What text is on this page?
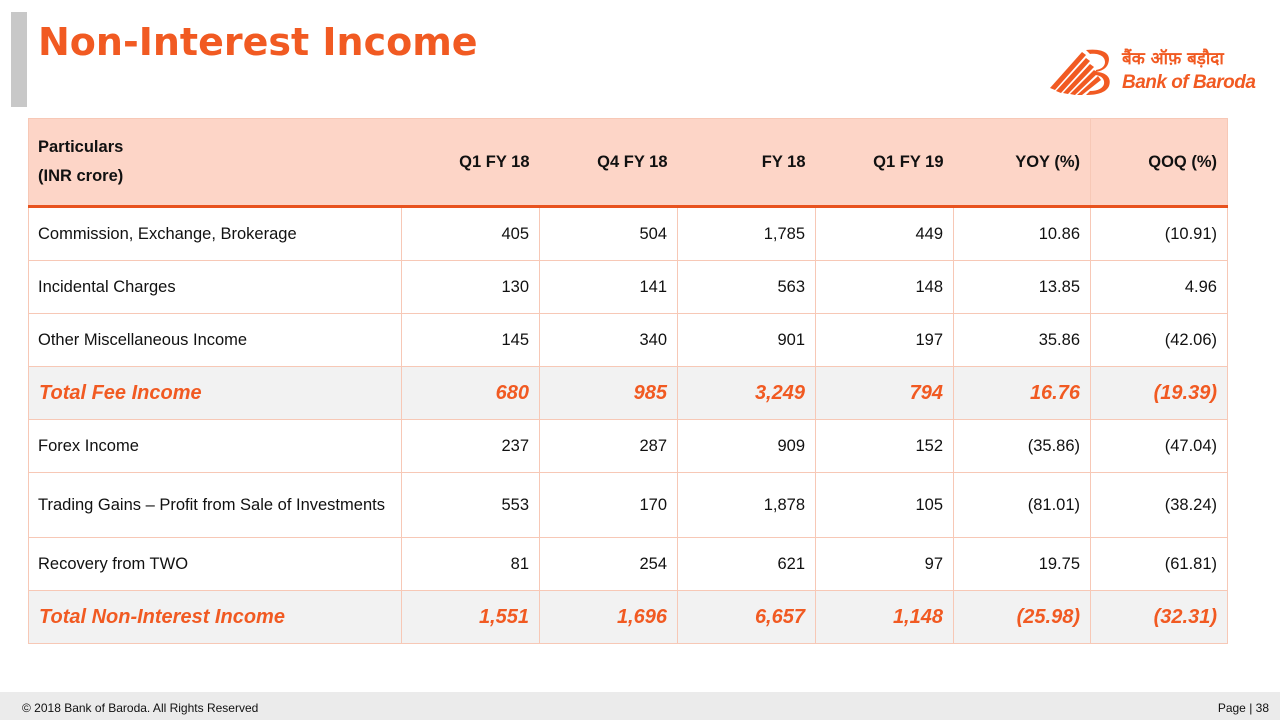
Non-Interest Income	बैंक ऑफ़ बड़ौदा
Bank of Baroda
Particulars
(INR crore)	Q1 FY 18	Q4 FY 18	FY 18	Q1 FY 19	YOY (%)	QOQ (%)
Commission, Exchange, Brokerage	405	504	1,785	449	10.86	(10.91)
Incidental Charges	130	141	563	148	13.85	4.96
Other Miscellaneous Income	145	340	901	197	35.86	(42.06)
Total Fee Income	680	985	3,249	794	16.76	(19.39)
Forex Income	237	287	909	152	(35.86)	(47.04)
Trading Gains – Profit from Sale of Investments	553	170	1,878	105	(81.01)	(38.24)
Recovery from TWO	81	254	621	97	19.75	(61.81)
Total Non-Interest Income	1,551	1,696	6,657	1,148	(25.98)	(32.31)
© 2018 Bank of Baroda. All Rights Reserved	Page | 38
